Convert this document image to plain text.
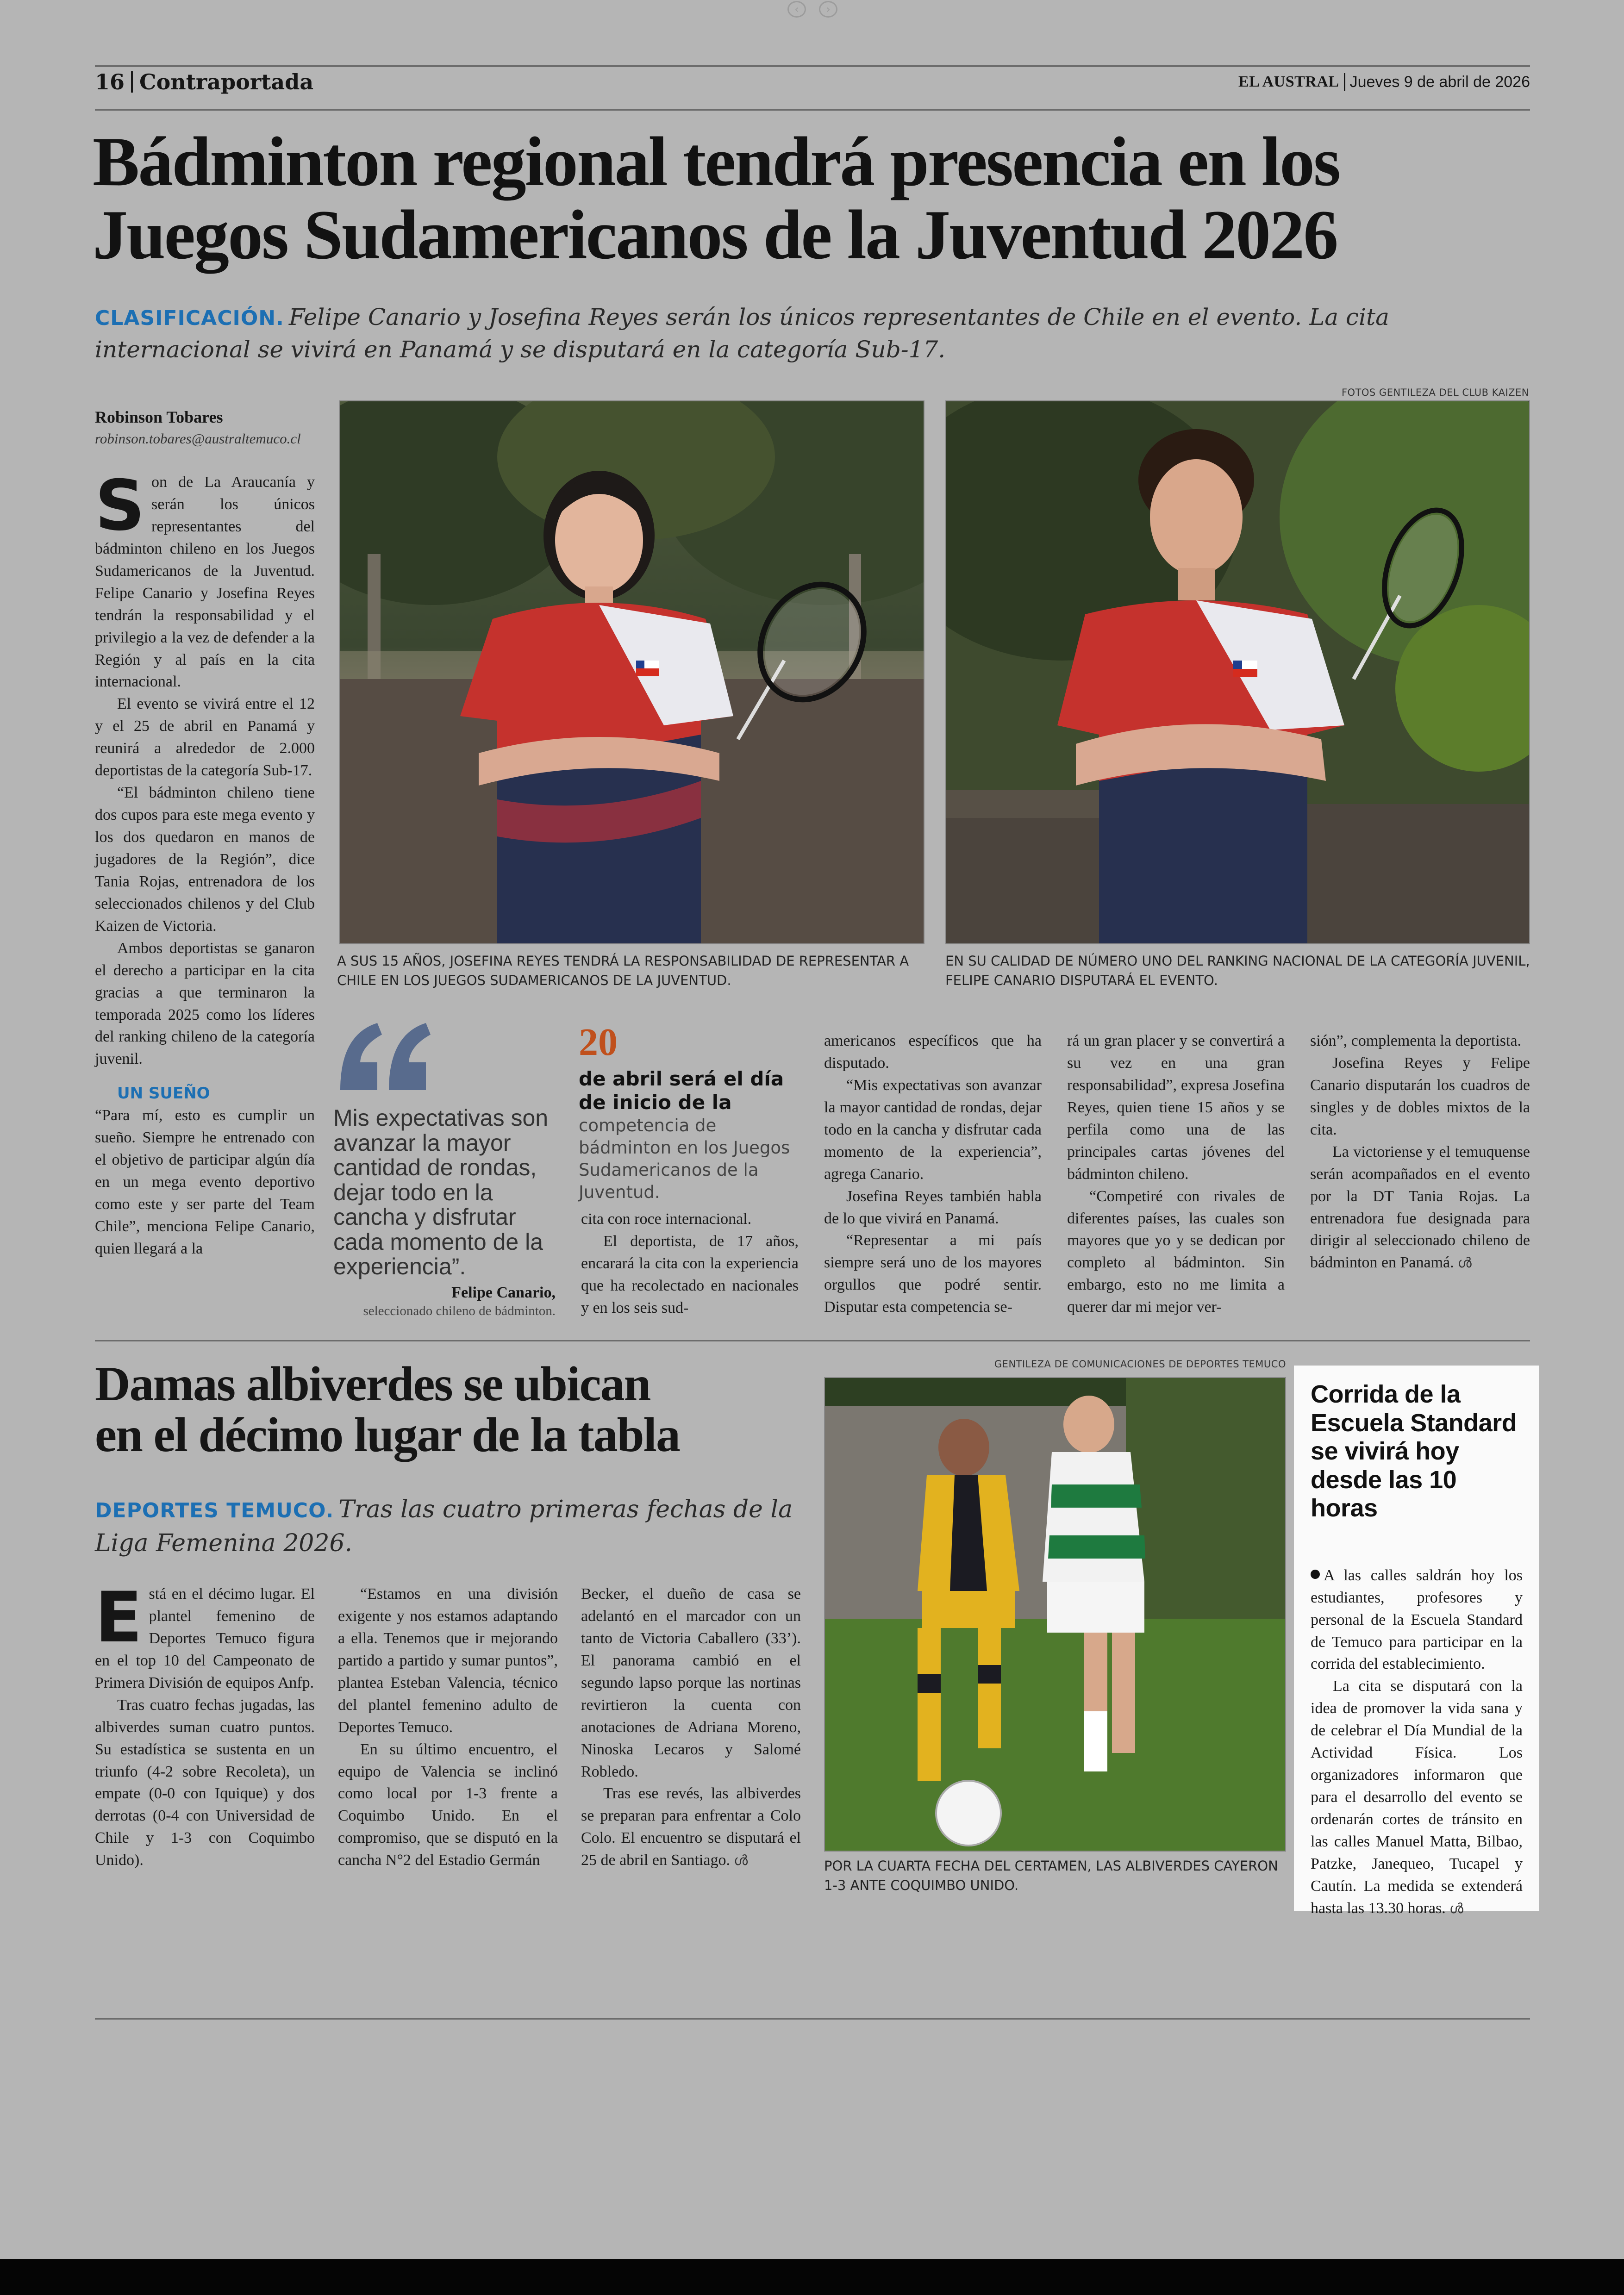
‹	›
16 Contraportada	EL AUSTRAL Jueves 9 de abril de 2026
Bádminton regional tendrá presencia en los
Juegos Sudamericanos de la Juventud 2026
CLASIFICACIÓN. Felipe Canario y Josefina Reyes serán los únicos representantes de Chile en el evento. La cita internacional se vivirá en Panamá y se disputará en la categoría Sub-17.
FOTOS GENTILEZA DEL CLUB KAIZEN
Robinson Tobares
robinson.tobares@australtemuco.cl
A SUS 15 AÑOS, JOSEFINA REYES TENDRÁ LA RESPONSABILIDAD DE REPRESENTAR A CHILE EN LOS JUEGOS SUDAMERICANOS DE LA JUVENTUD.
EN SU CALIDAD DE NÚMERO UNO DEL RANKING NACIONAL DE LA CATEGORÍA JUVENIL, FELIPE CANARIO DISPUTARÁ EL EVENTO.

Son de La Araucanía y serán los únicos representantes del bádminton chileno en los Juegos Sudamericanos de la Juventud. Felipe Canario y Josefina Reyes tendrán la responsabilidad y el privilegio a la vez de defender a la Región y al país en la cita internacional.

El evento se vivirá entre el 12 y el 25 de abril en Panamá y reunirá a alrededor de 2.000 deportistas de la categoría Sub-17.

“El bádminton chileno tiene dos cupos para este mega evento y los dos quedaron en manos de jugadores de la Región”, dice Tania Rojas, entrenadora de los seleccionados chilenos y del Club Kaizen de Victoria.

Ambos deportistas se ganaron el derecho a participar en la cita gracias a que terminaron la temporada 2025 como los líderes del ranking chileno de la categoría juvenil.

UN SUEÑO

“Para mí, esto es cumplir un sueño. Siempre he entrenado con el objetivo de participar algún día en un mega evento deportivo como este y ser parte del Team Chile”, menciona Felipe Canario, quien llegará a la

Mis expectativas son avanzar la mayor cantidad de rondas, dejar todo en la cancha y disfrutar cada momento de la experiencia”.
Felipe Canario,
seleccionado chileno de bádminton.
20
de abril será el día de inicio de la competencia de bádminton en los Juegos Sudamericanos de la Juventud.

cita con roce internacional.

El deportista, de 17 años, encarará la cita con la experiencia que ha recolectado en nacionales y en los seis sud-

americanos específicos que ha disputado.

“Mis expectativas son avanzar la mayor cantidad de rondas, dejar todo en la cancha y disfrutar cada momento de la experiencia”, agrega Canario.

Josefina Reyes también habla de lo que vivirá en Panamá.

“Representar a mi país siempre será uno de los mayores orgullos que podré sentir. Disputar esta competencia se-

rá un gran placer y se convertirá a su vez en una gran responsabilidad”, expresa Josefina Reyes, quien tiene 15 años y se perfila como una de las principales cartas jóvenes del bádminton chileno.

“Competiré con rivales de diferentes países, las cuales son mayores que yo y se dedican por completo al bádminton. Sin embargo, esto no me limita a querer dar mi mejor ver-

sión”, complementa la deportista.

Josefina Reyes y Felipe Canario disputarán los cuadros de singles y de dobles mixtos de la cita.

La victoriense y el temuquense serán acompañados en el evento por la DT Tania Rojas. La entrenadora fue designada para dirigir al seleccionado chileno de bádminton en Panamá. ൾ

Damas albiverdes se ubican
en el décimo lugar de la tabla
DEPORTES TEMUCO. Tras las cuatro primeras fechas de la Liga Femenina 2026.
GENTILEZA DE COMUNICACIONES DE DEPORTES TEMUCO
POR LA CUARTA FECHA DEL CERTAMEN, LAS ALBIVERDES CAYERON 1-3 ANTE COQUIMBO UNIDO.

Está en el décimo lugar. El plantel femenino de Deportes Temuco figura en el top 10 del Campeonato de Primera División de equipos Anfp.

Tras cuatro fechas jugadas, las albiverdes suman cuatro puntos. Su estadística se sustenta en un triunfo (4-2 sobre Recoleta), un empate (0-0 con Iquique) y dos derrotas (0-4 con Universidad de Chile y 1-3 con Coquimbo Unido).

“Estamos en una división exigente y nos estamos adaptando a ella. Tenemos que ir mejorando partido a partido y sumar puntos”, plantea Esteban Valencia, técnico del plantel femenino adulto de Deportes Temuco.

En su último encuentro, el equipo de Valencia se inclinó como local por 1-3 frente a Coquimbo Unido. En el compromiso, que se disputó en la cancha N°2 del Estadio Germán

Becker, el dueño de casa se adelantó en el marcador con un tanto de Victoria Caballero (33’). El panorama cambió en el segundo lapso porque las nortinas revirtieron la cuenta con anotaciones de Adriana Moreno, Ninoska Lecaros y Salomé Robledo.

Tras ese revés, las albiverdes se preparan para enfrentar a Colo Colo. El encuentro se disputará el 25 de abril en Santiago. ൾ

Corrida de la Escuela Standard se vivirá hoy desde las 10 horas

A las calles saldrán hoy los estudiantes, profesores y personal de la Escuela Standard de Temuco para participar en la corrida del establecimiento.

La cita se disputará con la idea de promover la vida sana y de celebrar el Día Mundial de la Actividad Física. Los organizadores informaron que para el desarrollo del evento se ordenarán cortes de tránsito en las calles Manuel Matta, Bilbao, Patzke, Janequeo, Tucapel y Cautín. La medida se extenderá hasta las 13.30 horas. ൾ
